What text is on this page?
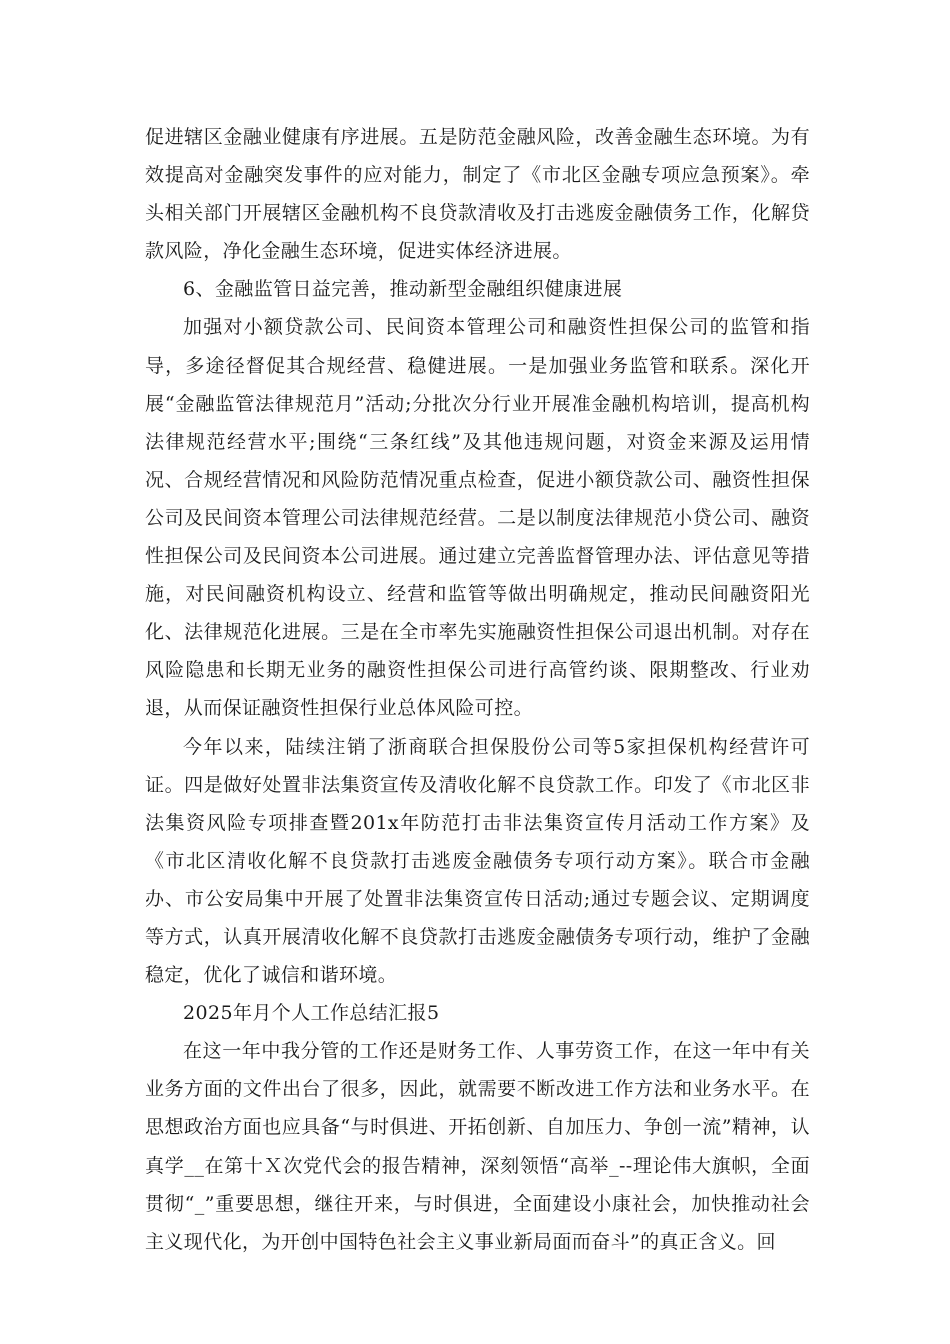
促进辖区金融业健康有序进展。五是防范金融风险，改善金融生态环境。为有效提高对金融突发事件的应对能力，制定了《市北区金融专项应急预案》。牵头相关部门开展辖区金融机构不良贷款清收及打击逃废金融债务工作，化解贷款风险，净化金融生态环境，促进实体经济进展。

6、金融监管日益完善，推动新型金融组织健康进展

加强对小额贷款公司、民间资本管理公司和融资性担保公司的监管和指导，多途径督促其合规经营、稳健进展。一是加强业务监管和联系。深化开展“金融监管法律规范月”活动;分批次分行业开展准金融机构培训，提高机构法律规范经营水平;围绕“三条红线”及其他违规问题，对资金来源及运用情况、合规经营情况和风险防范情况重点检查，促进小额贷款公司、融资性担保公司及民间资本管理公司法律规范经营。二是以制度法律规范小贷公司、融资性担保公司及民间资本公司进展。通过建立完善监督管理办法、评估意见等措施，对民间融资机构设立、经营和监管等做出明确规定，推动民间融资阳光化、法律规范化进展。三是在全市率先实施融资性担保公司退出机制。对存在风险隐患和长期无业务的融资性担保公司进行高管约谈、限期整改、行业劝退，从而保证融资性担保行业总体风险可控。

今年以来，陆续注销了浙商联合担保股份公司等5家担保机构经营许可证。四是做好处置非法集资宣传及清收化解不良贷款工作。印发了《市北区非法集资风险专项排查暨201x年防范打击非法集资宣传月活动工作方案》及《市北区清收化解不良贷款打击逃废金融债务专项行动方案》。联合市金融办、市公安局集中开展了处置非法集资宣传日活动;通过专题会议、定期调度等方式，认真开展清收化解不良贷款打击逃废金融债务专项行动，维护了金融稳定，优化了诚信和谐环境。

2025年月个人工作总结汇报5

在这一年中我分管的工作还是财务工作、人事劳资工作，在这一年中有关业务方面的文件出台了很多，因此，就需要不断改进工作方法和业务水平。在思想政治方面也应具备“与时俱进、开拓创新、自加压力、争创一流”精神，认真学__在第十Ｘ次党代会的报告精神，深刻领悟“高举_--理论伟大旗帜，全面贯彻“_”重要思想，继往开来，与时俱进，全面建设小康社会，加快推动社会主义现代化，为开创中国特色社会主义事业新局面而奋斗”的真正含义。回
